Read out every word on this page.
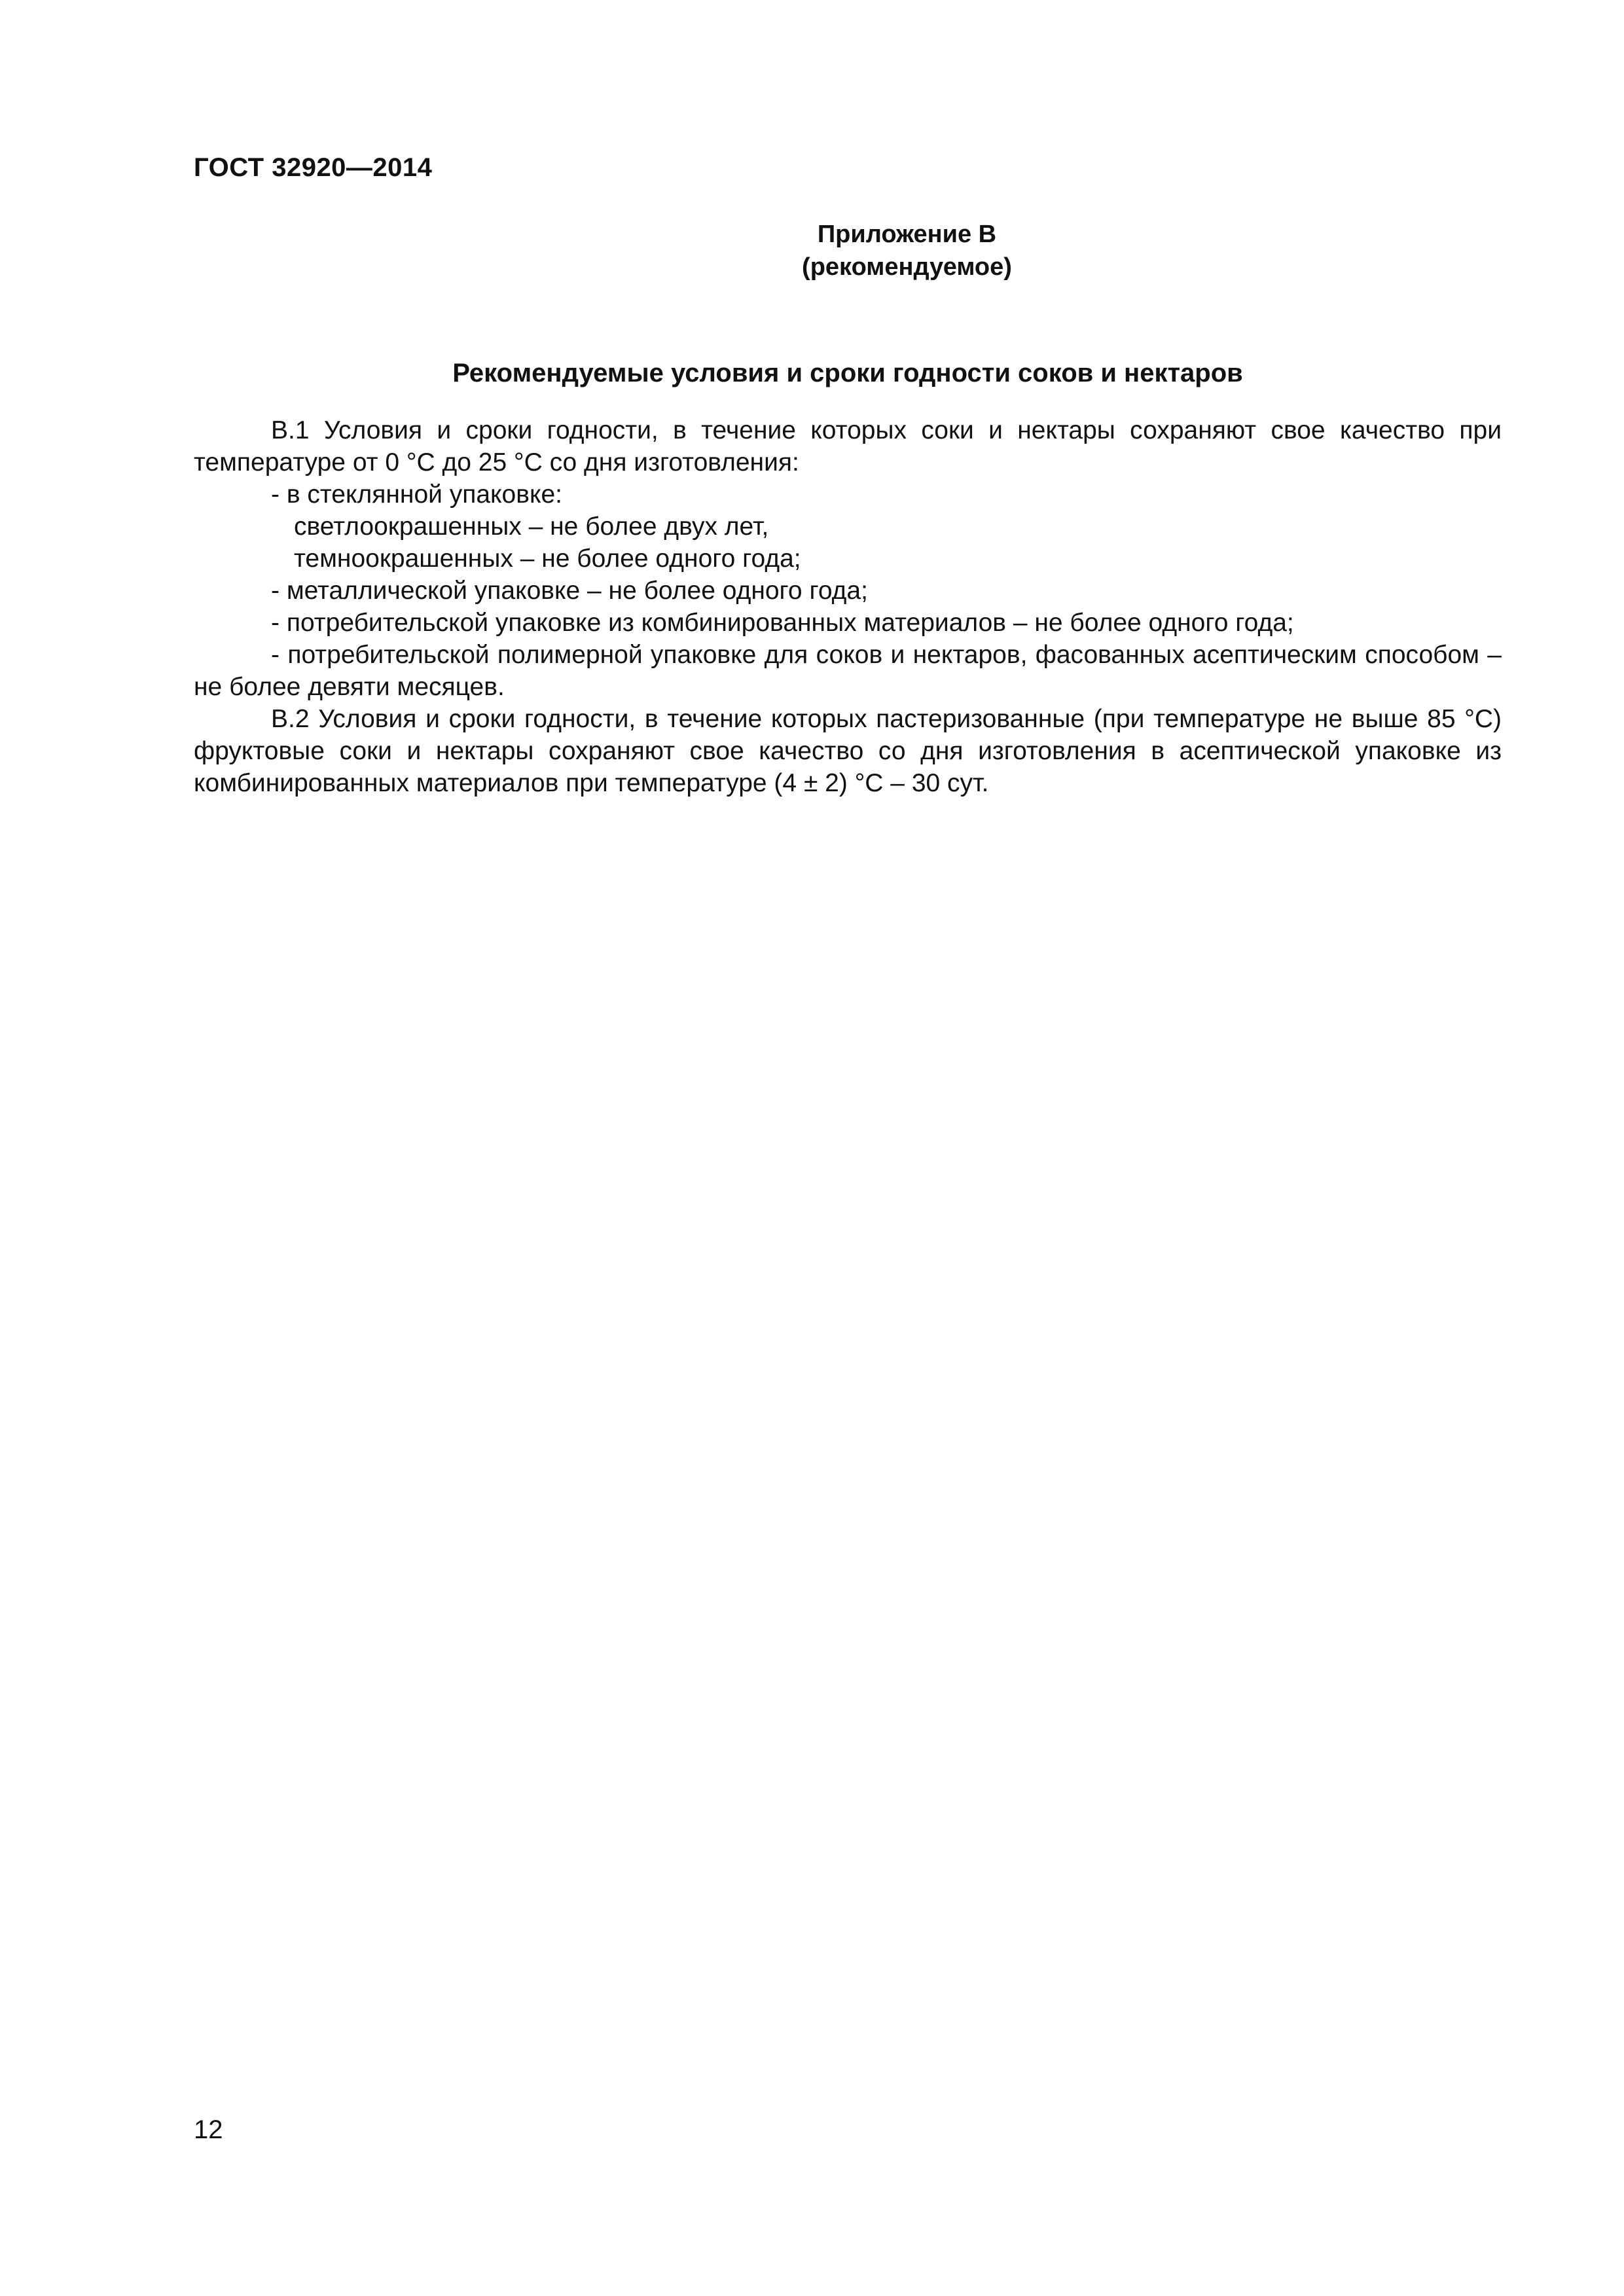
ГОСТ 32920—2014
Приложение В
(рекомендуемое)
Рекомендуемые условия и сроки годности соков и нектаров

В.1 Условия и сроки годности, в течение которых соки и нектары сохраняют свое качество при температуре от 0 °С до 25 °С со дня изготовления:

- в стеклянной упаковке:

светлоокрашенных – не более двух лет,

темноокрашенных – не более одного года;

- металлической упаковке – не более одного года;

- потребительской упаковке из комбинированных материалов – не более одного года;

- потребительской полимерной упаковке для соков и нектаров, фасованных асептическим способом – не более девяти месяцев.

В.2 Условия и сроки годности, в течение которых пастеризованные (при температуре не выше 85 °С) фруктовые соки и нектары сохраняют свое качество со дня изготовления в асептической упаковке из комбинированных материалов при температуре (4 ± 2) °С – 30 сут.

12
